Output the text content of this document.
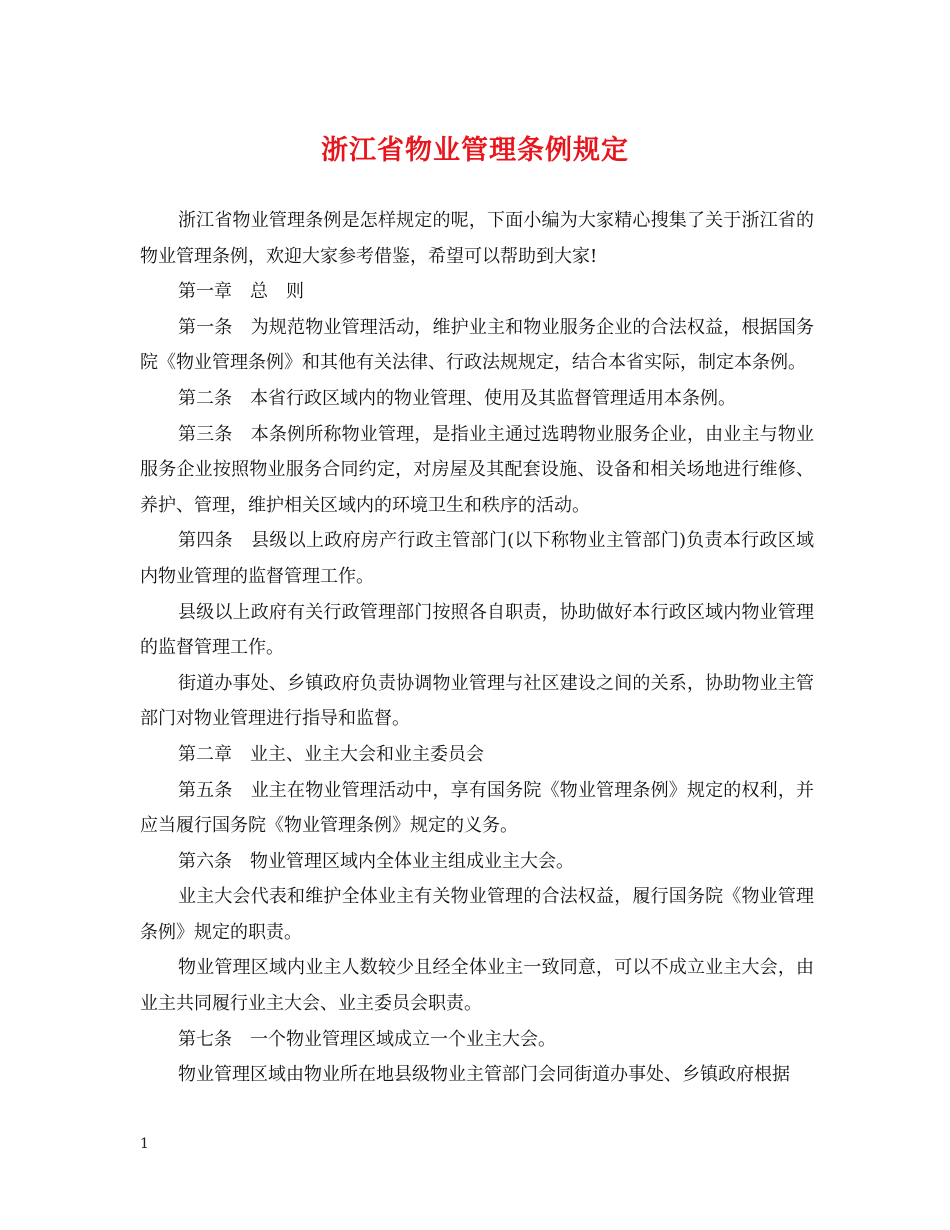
浙江省物业管理条例规定

浙江省物业管理条例是怎样规定的呢，下面小编为大家精心搜集了关于浙江省的物业管理条例，欢迎大家参考借鉴，希望可以帮助到大家!

第一章　总　则

第一条　为规范物业管理活动，维护业主和物业服务企业的合法权益，根据国务院《物业管理条例》和其他有关法律、行政法规规定，结合本省实际，制定本条例。

第二条　本省行政区域内的物业管理、使用及其监督管理适用本条例。

第三条　本条例所称物业管理，是指业主通过选聘物业服务企业，由业主与物业服务企业按照物业服务合同约定，对房屋及其配套设施、设备和相关场地进行维修、养护、管理，维护相关区域内的环境卫生和秩序的活动。

第四条　县级以上政府房产行政主管部门(以下称物业主管部门)负责本行政区域内物业管理的监督管理工作。

县级以上政府有关行政管理部门按照各自职责，协助做好本行政区域内物业管理的监督管理工作。

街道办事处、乡镇政府负责协调物业管理与社区建设之间的关系，协助物业主管部门对物业管理进行指导和监督。

第二章　业主、业主大会和业主委员会

第五条　业主在物业管理活动中，享有国务院《物业管理条例》规定的权利，并应当履行国务院《物业管理条例》规定的义务。

第六条　物业管理区域内全体业主组成业主大会。

业主大会代表和维护全体业主有关物业管理的合法权益，履行国务院《物业管理条例》规定的职责。

物业管理区域内业主人数较少且经全体业主一致同意，可以不成立业主大会，由业主共同履行业主大会、业主委员会职责。

第七条　一个物业管理区域成立一个业主大会。

物业管理区域由物业所在地县级物业主管部门会同街道办事处、乡镇政府根据

1
